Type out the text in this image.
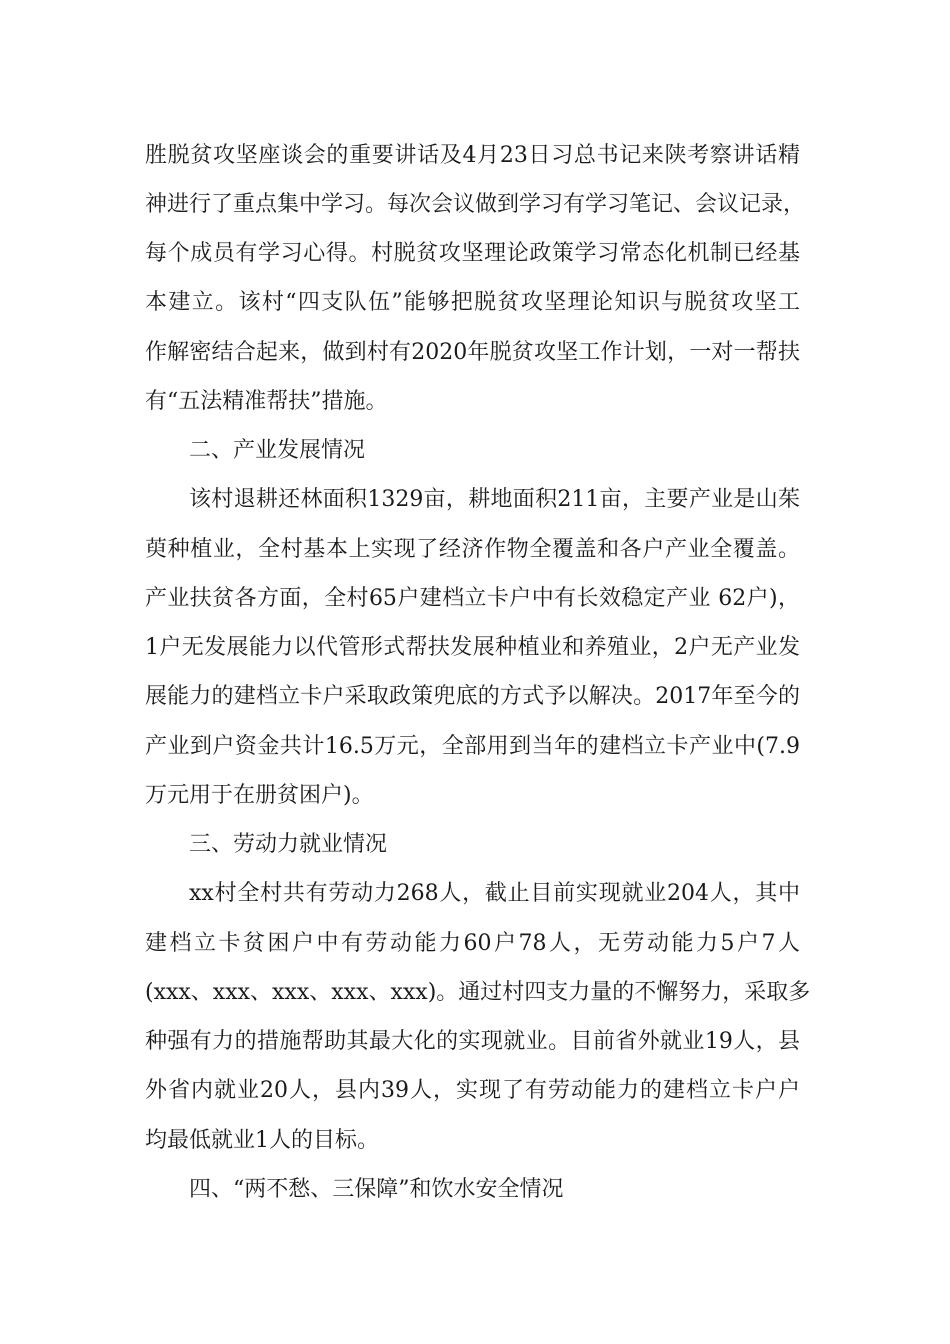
胜脱贫攻坚座谈会的重要讲话及4月23日习总书记来陕考察讲话精
神进行了重点集中学习。每次会议做到学习有学习笔记、会议记录，
每个成员有学习心得。村脱贫攻坚理论政策学习常态化机制已经基
本建立。该村“四支队伍”能够把脱贫攻坚理论知识与脱贫攻坚工
作解密结合起来，做到村有2020年脱贫攻坚工作计划，一对一帮扶
有“五法精准帮扶”措施。
二、产业发展情况
该村退耕还林面积1329亩，耕地面积211亩，主要产业是山茱
萸种植业，全村基本上实现了经济作物全覆盖和各户产业全覆盖。
产业扶贫各方面，全村65户建档立卡户中有长效稳定产业 62户)，
1户无发展能力以代管形式帮扶发展种植业和养殖业，2户无产业发
展能力的建档立卡户采取政策兜底的方式予以解决。2017年至今的
产业到户资金共计16.5万元，全部用到当年的建档立卡产业中(7.9
万元用于在册贫困户)。
三、劳动力就业情况
xx村全村共有劳动力268人，截止目前实现就业204人，其中
建档立卡贫困户中有劳动能力60户78人，无劳动能力5户7人
(xxx、xxx、xxx、xxx、xxx)。通过村四支力量的不懈努力，采取多
种强有力的措施帮助其最大化的实现就业。目前省外就业19人，县
外省内就业20人，县内39人，实现了有劳动能力的建档立卡户户
均最低就业1人的目标。
四、“两不愁、三保障”和饮水安全情况
